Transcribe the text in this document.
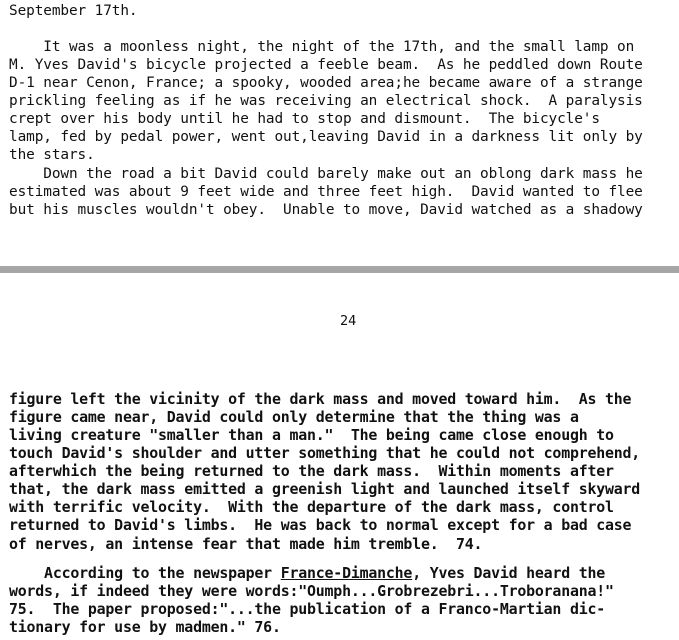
September 17th.
It was a moonless night, the night of the 17th, and the small lamp on
M. Yves David's bicycle projected a feeble beam.  As he peddled down Route
D-1 near Cenon, France; a spooky, wooded area;he became aware of a strange
prickling feeling as if he was receiving an electrical shock.  A paralysis
crept over his body until he had to stop and dismount.  The bicycle's
lamp, fed by pedal power, went out,leaving David in a darkness lit only by
the stars.
Down the road a bit David could barely make out an oblong dark mass he
estimated was about 9 feet wide and three feet high.  David wanted to flee
but his muscles wouldn't obey.  Unable to move, David watched as a shadowy
24
figure left the vicinity of the dark mass and moved toward him.  As the
figure came near, David could only determine that the thing was a
living creature "smaller than a man."  The being came close enough to
touch David's shoulder and utter something that he could not comprehend,
afterwhich the being returned to the dark mass.  Within moments after
that, the dark mass emitted a greenish light and launched itself skyward
with terrific velocity.  With the departure of the dark mass, control
returned to David's limbs.  He was back to normal except for a bad case
of nerves, an intense fear that made him tremble.  74.
According to the newspaper France-Dimanche, Yves David heard the
words, if indeed they were words:"Oumph...Grobrezebri...Troboranana!"
75.  The paper proposed:"...the publication of a Franco-Martian dic-
tionary for use by madmen." 76.
